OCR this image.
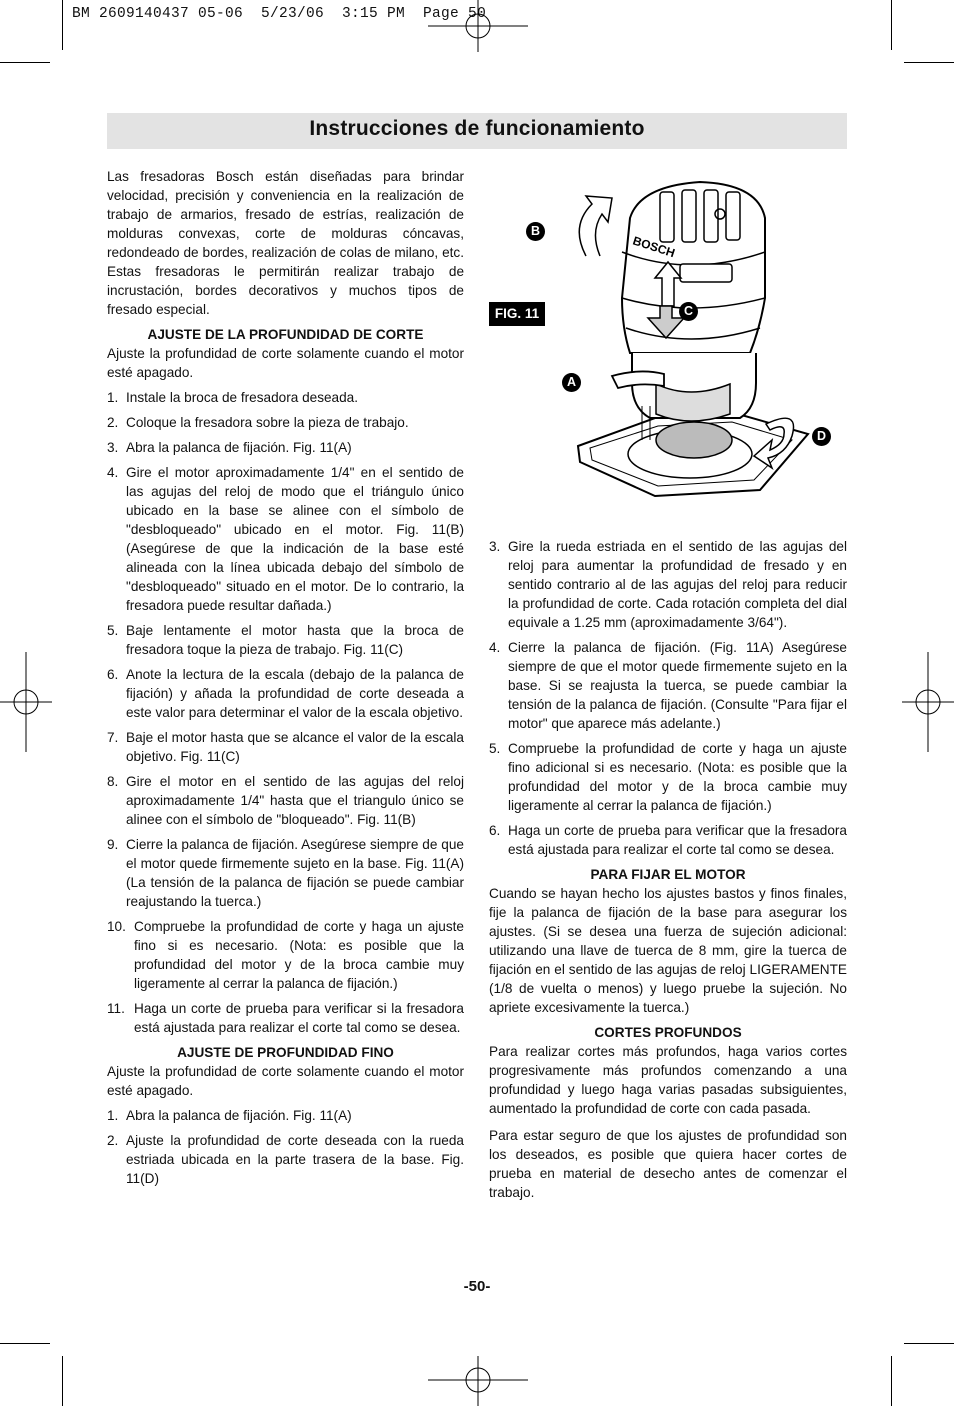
BM 2609140437 05-06  5/23/06  3:15 PM  Page 50
Instrucciones de funcionamiento

Las fresadoras Bosch están diseñadas para brindar velocidad, precisión y conveniencia en la realización de trabajo de armarios, fresado de estrías, realización de molduras convexas, corte de molduras cóncavas, redondeado de bordes, realización de colas de milano, etc. Estas fresadoras le permitirán realizar trabajo de incrustación, bordes decorativos y muchos tipos de fresado especial.

AJUSTE DE LA PROFUNDIDAD DE CORTE

Ajuste la profundidad de corte solamente cuando el motor esté apagado.

1. Instale la broca de fresadora deseada.
2. Coloque la fresadora sobre la pieza de trabajo.
3. Abra la palanca de fijación. Fig. 11(A)
4. Gire el motor aproximadamente 1/4" en el sentido de las agujas del reloj de modo que el triángulo único ubicado en la base se alinee con el símbolo de "desbloqueado" ubicado en el motor. Fig. 11(B) (Asegúrese de que la indicación de la base esté alineada con la línea ubicada debajo del símbolo de "desbloqueado" situado en el motor. De lo contrario, la fresadora puede resultar dañada.)
5. Baje lentamente el motor hasta que la broca de fresadora toque la pieza de trabajo. Fig. 11(C)
6. Anote la lectura de la escala (debajo de la palanca de fijación) y añada la profundidad de corte deseada a este valor para determinar el valor de la escala objetivo.
7. Baje el motor hasta que se alcance el valor de la escala objetivo. Fig. 11(C)
8. Gire el motor en el sentido de las agujas del reloj aproximadamente 1/4" hasta que el triangulo único se alinee con el símbolo de "bloqueado". Fig. 11(B)
9. Cierre la palanca de fijación. Asegúrese siempre de que el motor quede firmemente sujeto en la base. Fig. 11(A) (La tensión de la palanca de fijación se puede cambiar reajustando la tuerca.)
10. Compruebe la profundidad de corte y haga un ajuste fino si es necesario. (Nota: es posible que la profundidad del motor y de la broca cambie muy ligeramente al cerrar la palanca de fijación.)
11. Haga un corte de prueba para verificar si la fresadora está ajustada para realizar el corte tal como se desea.
AJUSTE DE PROFUNDIDAD FINO

Ajuste la profundidad de corte solamente cuando el motor esté apagado.

1. Abra la palanca de fijación. Fig. 11(A)
2. Ajuste la profundidad de corte deseada con la rueda estriada ubicada en la parte trasera de la base. Fig. 11(D)
FIG. 11
BOSCH
B
C
A
D
3. Gire la rueda estriada en el sentido de las agujas del reloj para aumentar la profundidad de fresado y en sentido contrario al de las agujas del reloj para reducir la profundidad de corte. Cada rotación completa del dial equivale a 1.25 mm (aproximadamente 3/64").
4. Cierre la palanca de fijación. (Fig. 11A) Asegúrese siempre de que el motor quede firmemente sujeto en la base. Si se reajusta la tuerca, se puede cambiar la tensión de la palanca de fijación. (Consulte "Para fijar el motor" que aparece más adelante.)
5. Compruebe la profundidad de corte y haga un ajuste fino adicional si es necesario. (Nota: es posible que la profundidad del motor y de la broca cambie muy ligeramente al cerrar la palanca de fijación.)
6. Haga un corte de prueba para verificar que la fresadora está ajustada para realizar el corte tal como se desea.
PARA FIJAR EL MOTOR

Cuando se hayan hecho los ajustes bastos y finos finales, fije la palanca de fijación de la base para asegurar los ajustes. (Si se desea una fuerza de sujeción adicional: utilizando una llave de tuerca de 8 mm, gire la tuerca de fijación en el sentido de las agujas de reloj LIGERAMENTE (1/8 de vuelta o menos) y luego pruebe la sujeción. No apriete excesivamente la tuerca.)

CORTES PROFUNDOS

Para realizar cortes más profundos, haga varios cortes progresivamente más profundos comenzando a una profundidad y luego haga varias pasadas subsiguientes, aumentado la profundidad de corte con cada pasada.

Para estar seguro de que los ajustes de profundidad son los deseados, es posible que quiera hacer cortes de prueba en material de desecho antes de comenzar el trabajo.

-50-
